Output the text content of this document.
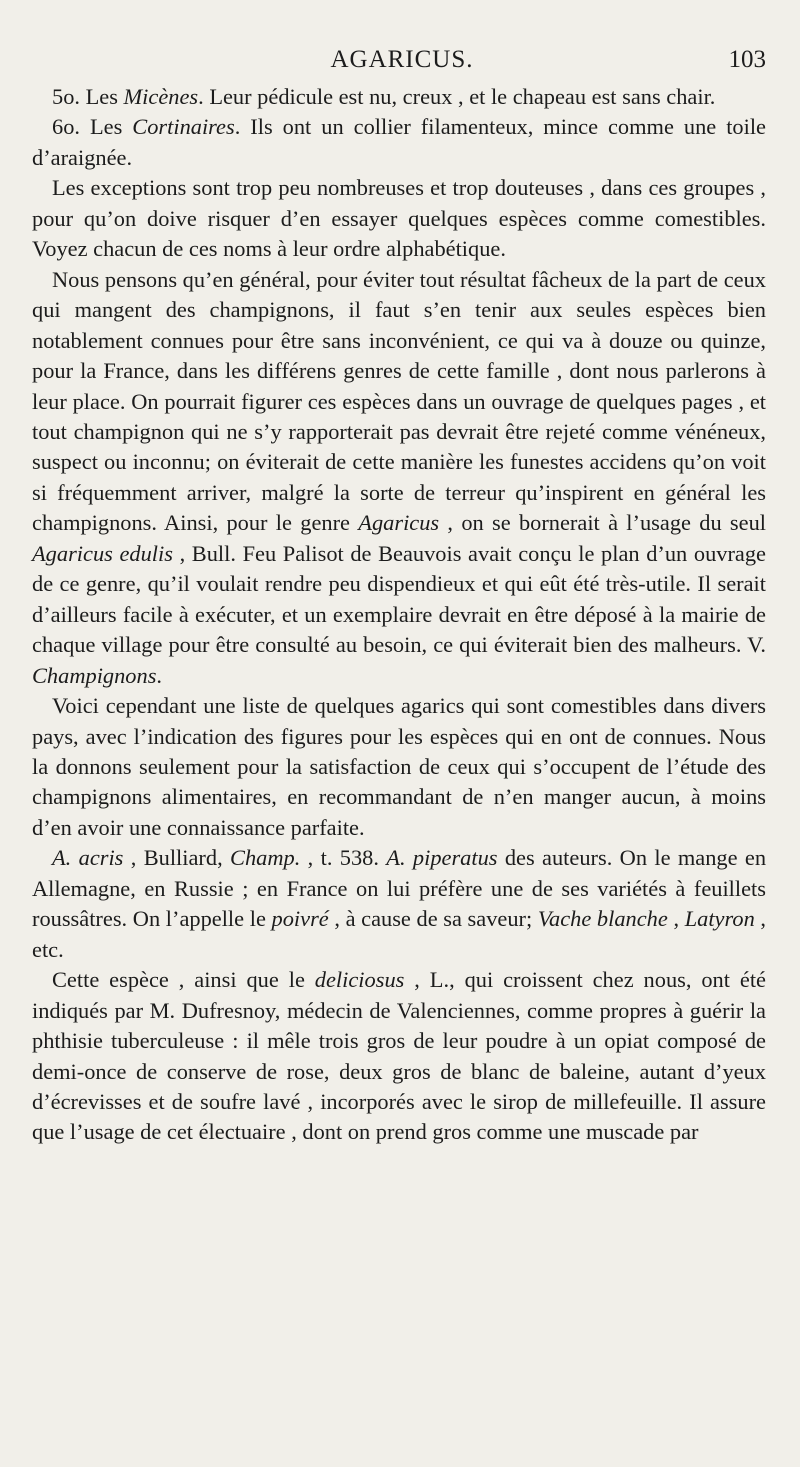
AGARICUS.	103

5o. Les Micènes. Leur pédicule est nu, creux , et le chapeau est sans chair.

6o. Les Cortinaires. Ils ont un collier filamenteux, mince comme une toile d’araignée.

Les exceptions sont trop peu nombreuses et trop douteuses , dans ces groupes , pour qu’on doive risquer d’en essayer quelques espèces comme comestibles. Voyez chacun de ces noms à leur ordre alphabétique.

Nous pensons qu’en général, pour éviter tout résultat fâcheux de la part de ceux qui mangent des champignons, il faut s’en tenir aux seules espèces bien notablement connues pour être sans inconvénient, ce qui va à douze ou quinze, pour la France, dans les différens genres de cette famille , dont nous parlerons à leur place. On pourrait figurer ces espèces dans un ouvrage de quelques pages , et tout champignon qui ne s’y rapporterait pas devrait être rejeté comme vénéneux, suspect ou inconnu; on éviterait de cette manière les funestes accidens qu’on voit si fréquemment arriver, malgré la sorte de terreur qu’inspirent en général les champignons. Ainsi, pour le genre Agaricus , on se bornerait à l’usage du seul Agaricus edulis , Bull. Feu Palisot de Beauvois avait conçu le plan d’un ouvrage de ce genre, qu’il voulait rendre peu dispendieux et qui eût été très-utile. Il serait d’ailleurs facile à exécuter, et un exemplaire devrait en être déposé à la mairie de chaque village pour être consulté au besoin, ce qui éviterait bien des malheurs. V. Champignons.

Voici cependant une liste de quelques agarics qui sont comestibles dans divers pays, avec l’indication des figures pour les espèces qui en ont de connues. Nous la donnons seulement pour la satisfaction de ceux qui s’occupent de l’étude des champignons alimentaires, en recommandant de n’en manger aucun, à moins d’en avoir une connaissance parfaite.

A. acris , Bulliard, Champ. , t. 538. A. piperatus des auteurs. On le mange en Allemagne, en Russie ; en France on lui préfère une de ses variétés à feuillets roussâtres. On l’appelle le poivré , à cause de sa saveur; Vache blanche , Latyron , etc.

Cette espèce , ainsi que le deliciosus , L., qui croissent chez nous, ont été indiqués par M. Dufresnoy, médecin de Valenciennes, comme propres à guérir la phthisie tuberculeuse : il mêle trois gros de leur poudre à un opiat composé de demi-once de conserve de rose, deux gros de blanc de baleine, autant d’yeux d’écrevisses et de soufre lavé , incorporés avec le sirop de millefeuille. Il assure que l’usage de cet électuaire , dont on prend gros comme une muscade par
